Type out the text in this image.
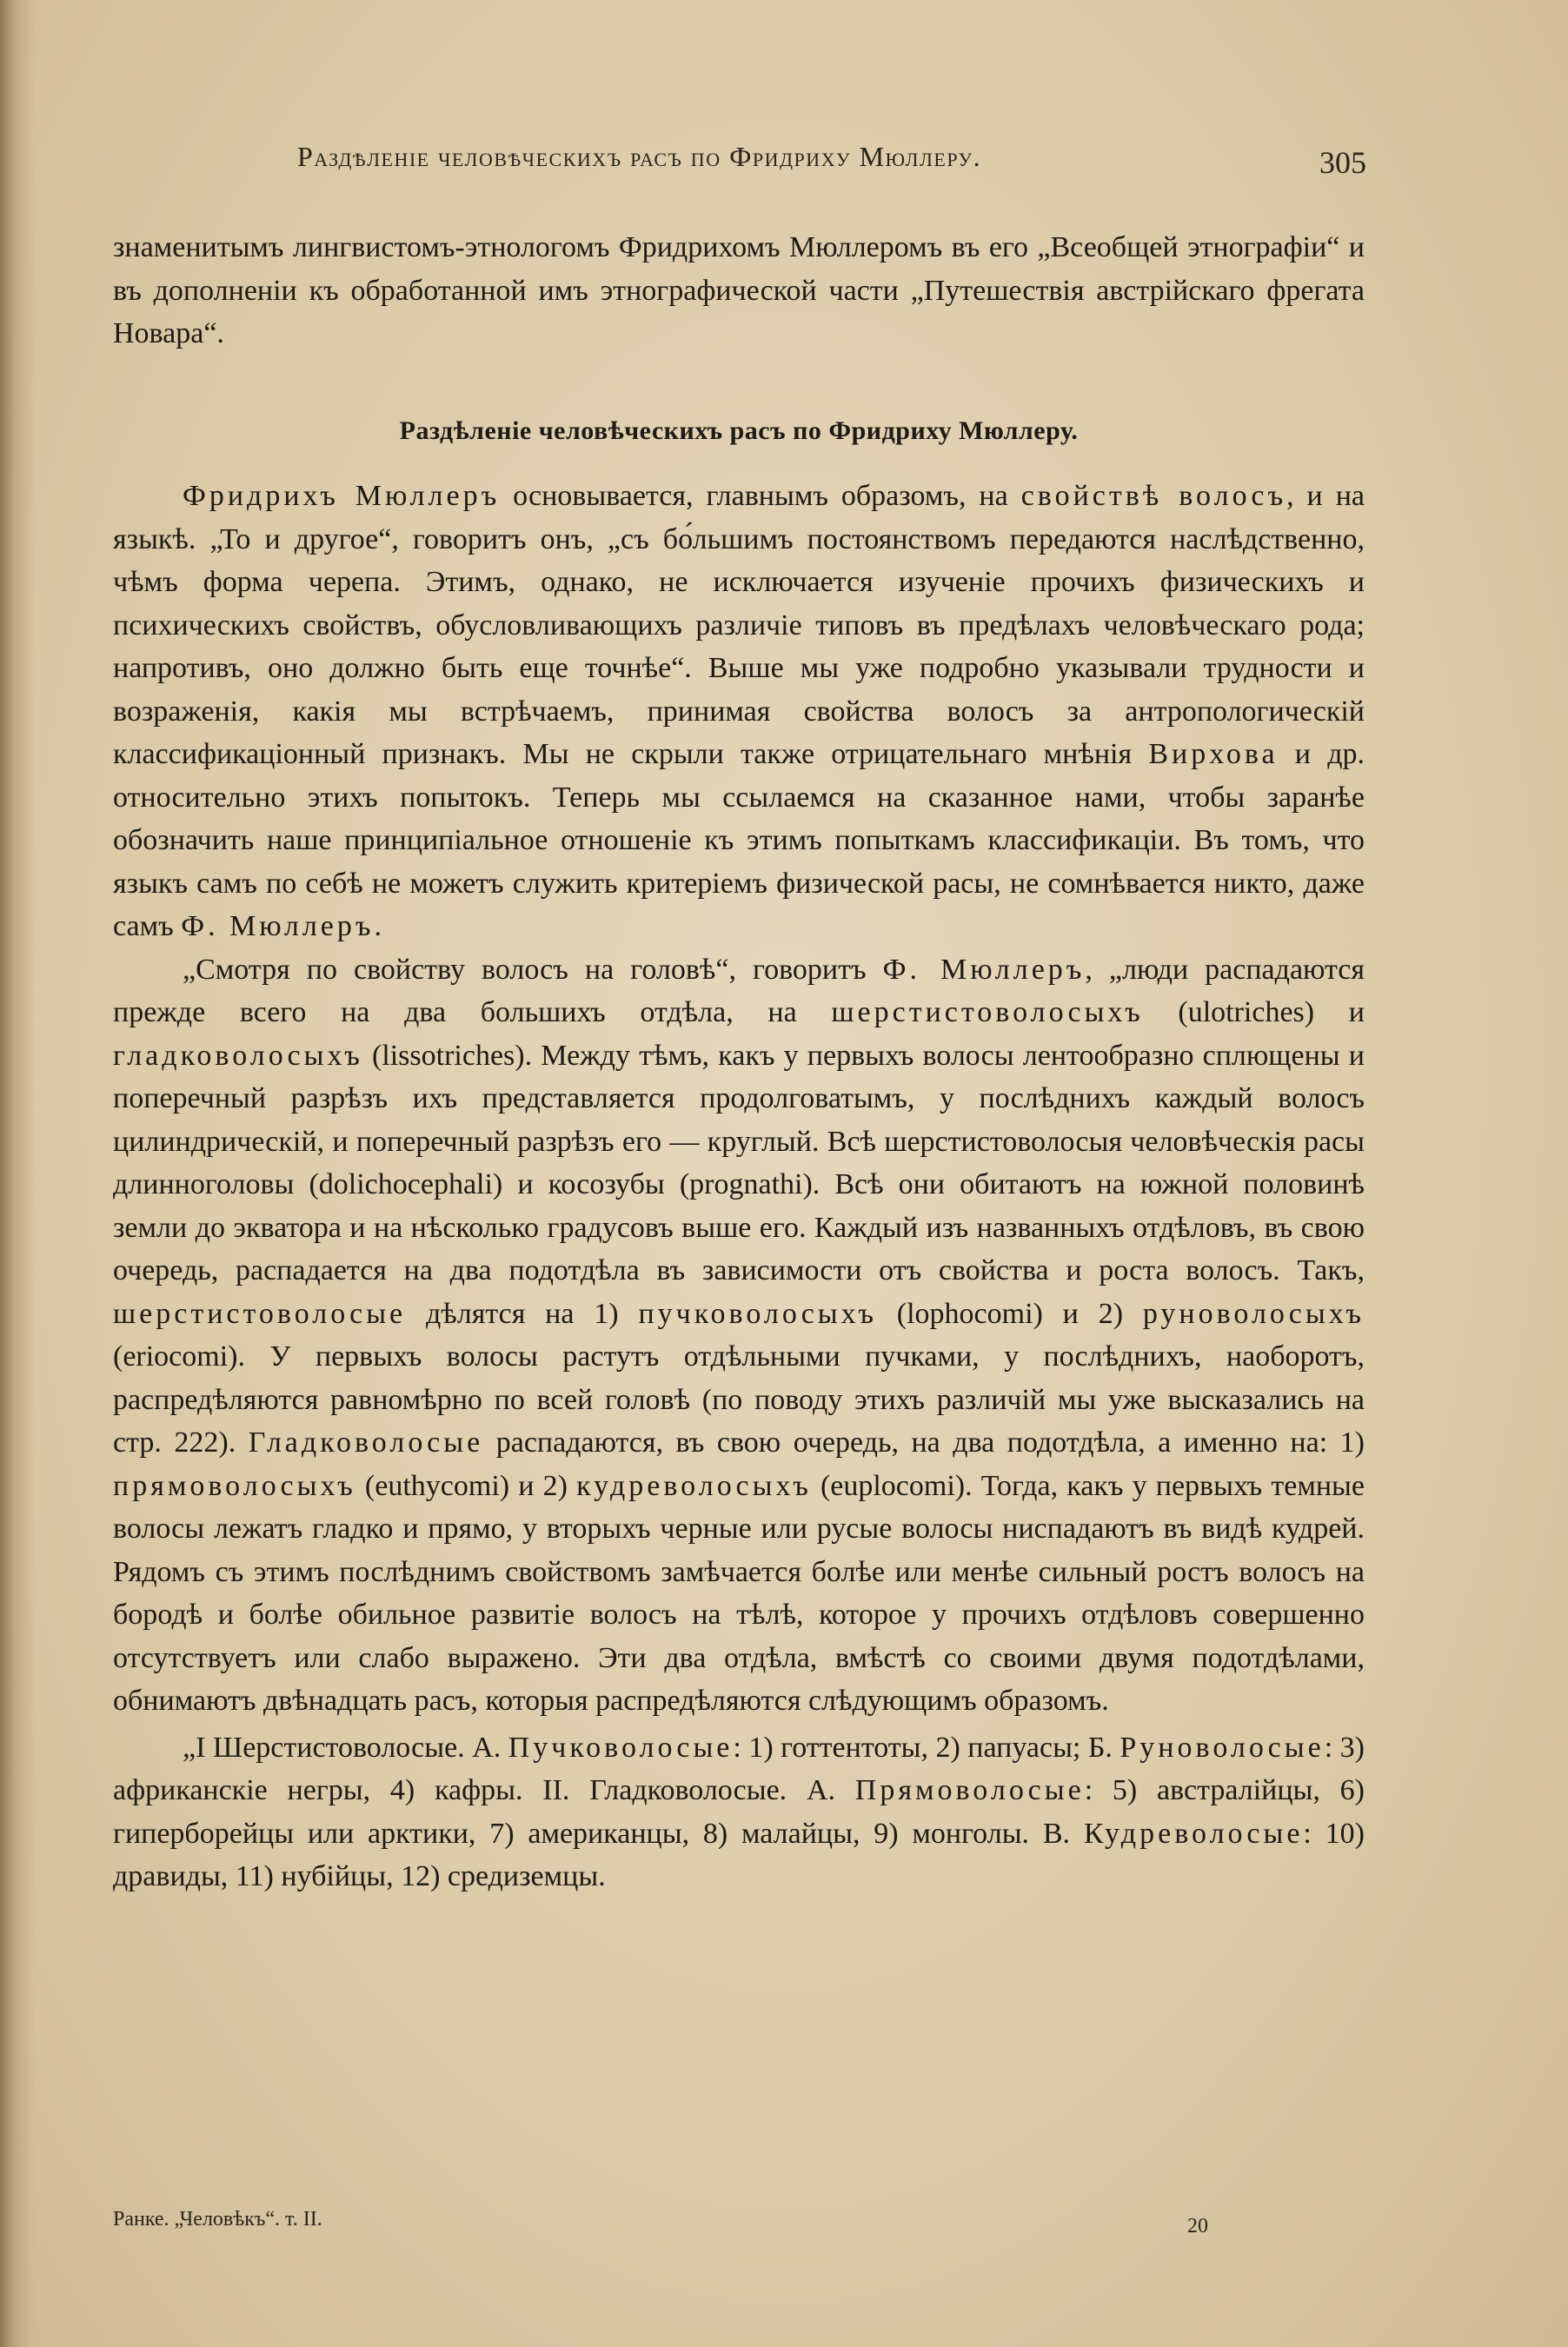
Раздѣленіе человѣческихъ расъ по Фридриху Мюллеру.	305

знаменитымъ лингвистомъ-этнологомъ Фридрихомъ Мюллеромъ въ его „Всеобщей этнографіи“ и въ дополненіи къ обработанной имъ этнографической части „Путешествія австрійскаго фрегата Новара“.

Раздѣленіе человѣческихъ расъ по Фридриху Мюллеру.

Фридрихъ Мюллеръ основывается, главнымъ образомъ, на свойствѣ волосъ, и на языкѣ. „То и другое“, говоритъ онъ, „съ бо́льшимъ постоянствомъ передаются наслѣдственно, чѣмъ форма черепа. Этимъ, однако, не исключается изученіе прочихъ физическихъ и психическихъ свойствъ, обусловливающихъ различіе типовъ въ предѣлахъ человѣческаго рода; напротивъ, оно должно быть еще точнѣе“. Выше мы уже подробно указывали трудности и возраженія, какія мы встрѣчаемъ, принимая свойства волосъ за антропологическій классификаціонный признакъ. Мы не скрыли также отрицательнаго мнѣнія Вирхова и др. относительно этихъ попытокъ. Теперь мы ссылаемся на сказанное нами, чтобы заранѣе обозначить наше принципіальное отношеніе къ этимъ попыткамъ классификаціи. Въ томъ, что языкъ самъ по себѣ не можетъ служить критеріемъ физической расы, не сомнѣвается никто, даже самъ Ф. Мюллеръ.

„Смотря по свойству волосъ на головѣ“, говоритъ Ф. Мюллеръ, „люди распадаются прежде всего на два большихъ отдѣла, на шерстистоволосыхъ (ulotriches) и гладковолосыхъ (lissotriches). Между тѣмъ, какъ у первыхъ волосы лентообразно сплющены и поперечный разрѣзъ ихъ представляется продолговатымъ, у послѣднихъ каждый волосъ цилиндрическій, и поперечный разрѣзъ его — круглый. Всѣ шерстистоволосыя человѣческія расы длинноголовы (dolichocephali) и косозубы (prognathi). Всѣ они обитаютъ на южной половинѣ земли до экватора и на нѣсколько градусовъ выше его. Каждый изъ названныхъ отдѣловъ, въ свою очередь, распадается на два подотдѣла въ зависимости отъ свойства и роста волосъ. Такъ, шерстистоволосые дѣлятся на 1) пучковолосыхъ (lophocomi) и 2) руноволосыхъ (eriocomi). У первыхъ волосы растутъ отдѣльными пучками, у послѣднихъ, наоборотъ, распредѣляются равномѣрно по всей головѣ (по поводу этихъ различій мы уже высказались на стр. 222). Гладковолосые распадаются, въ свою очередь, на два подотдѣла, а именно на: 1) прямоволосыхъ (euthycomi) и 2) кудреволосыхъ (euplocomi). Тогда, какъ у первыхъ темные волосы лежатъ гладко и прямо, у вторыхъ черные или русые волосы ниспадаютъ въ видѣ кудрей. Рядомъ съ этимъ послѣднимъ свойствомъ замѣчается болѣе или менѣе сильный ростъ волосъ на бородѣ и болѣе обильное развитіе волосъ на тѣлѣ, которое у прочихъ отдѣловъ совершенно отсутствуетъ или слабо выражено. Эти два отдѣла, вмѣстѣ со своими двумя подотдѣлами, обнимаютъ двѣнадцать расъ, которыя распредѣляются слѣдующимъ образомъ.

„I Шерстистоволосые. А. Пучковолосые: 1) готтентоты, 2) папуасы; Б. Руноволосые: 3) африканскіе негры, 4) кафры. II. Гладковолосые. А. Прямоволосые: 5) австралійцы, 6) гиперборейцы или арктики, 7) американцы, 8) малайцы, 9) монголы. В. Кудреволосые: 10) дравиды, 11) нубійцы, 12) средиземцы.

Ранке. „Человѣкъ“. т. II.	20
